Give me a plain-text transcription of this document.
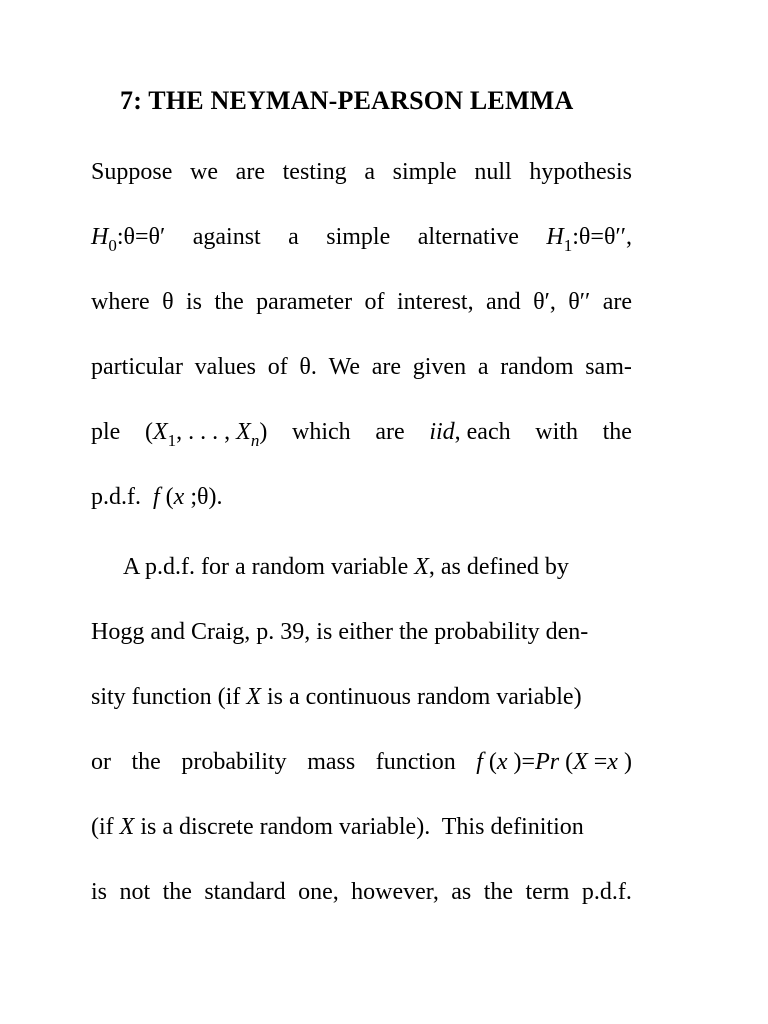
7: THE NEYMAN-PEARSON LEMMA
Suppose we are testing a simple null hypothesis
$H_0:\theta=\theta'$ against a simple alternative $H_1:\theta=\theta''$,
where θ is the parameter of interest, and θ′, θ′′ are
particular values of θ. We are given a random sam-
ple ($X_1$, . . . , $X_n$) which are iid, each with the
p.d.f. f (x ;θ).
A p.d.f. for a random variable X, as defined by
Hogg and Craig, p. 39, is either the probability den-
sity function (if X is a continuous random variable)
or the probability mass function f (x )=Pr (X =x )
(if X is a discrete random variable).  This definition
is not the standard one, however, as the term p.d.f.
